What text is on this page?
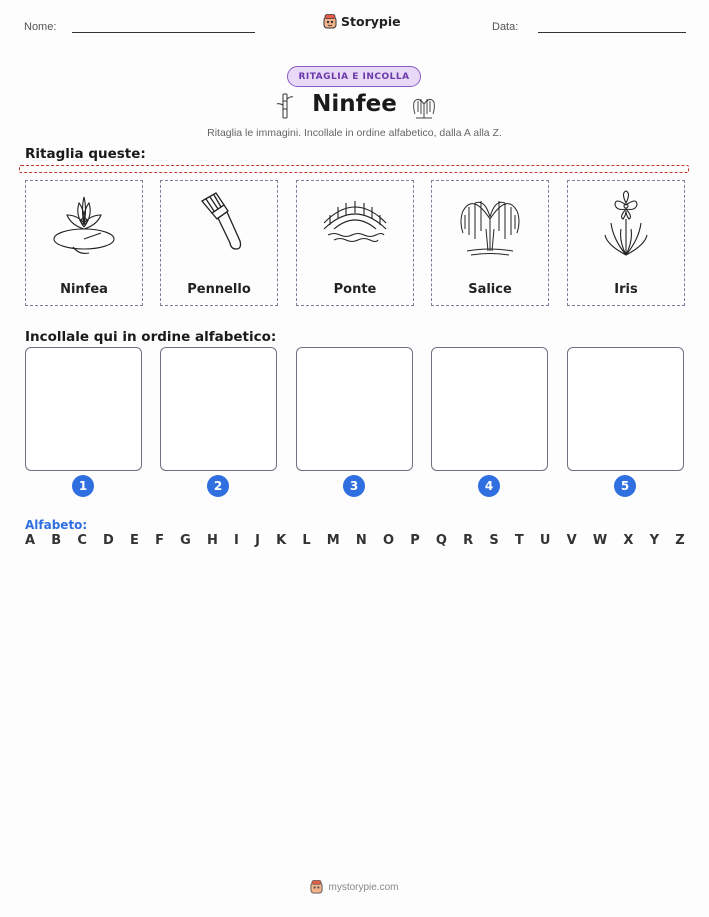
Nome:	Storypie	Data:
RITAGLIA E INCOLLA
Ninfee
Ritaglia le immagini. Incollale in ordine alfabetico, dalla A alla Z.
Ritaglia queste:
Ninfea	Pennello	Ponte	Salice	Iris
Incollale qui in ordine alfabetico:
1	2	3	4	5
Alfabeto:
A B C D E F G H I J K L M N O P Q R S T U V W X Y Z
mystorypie.com
